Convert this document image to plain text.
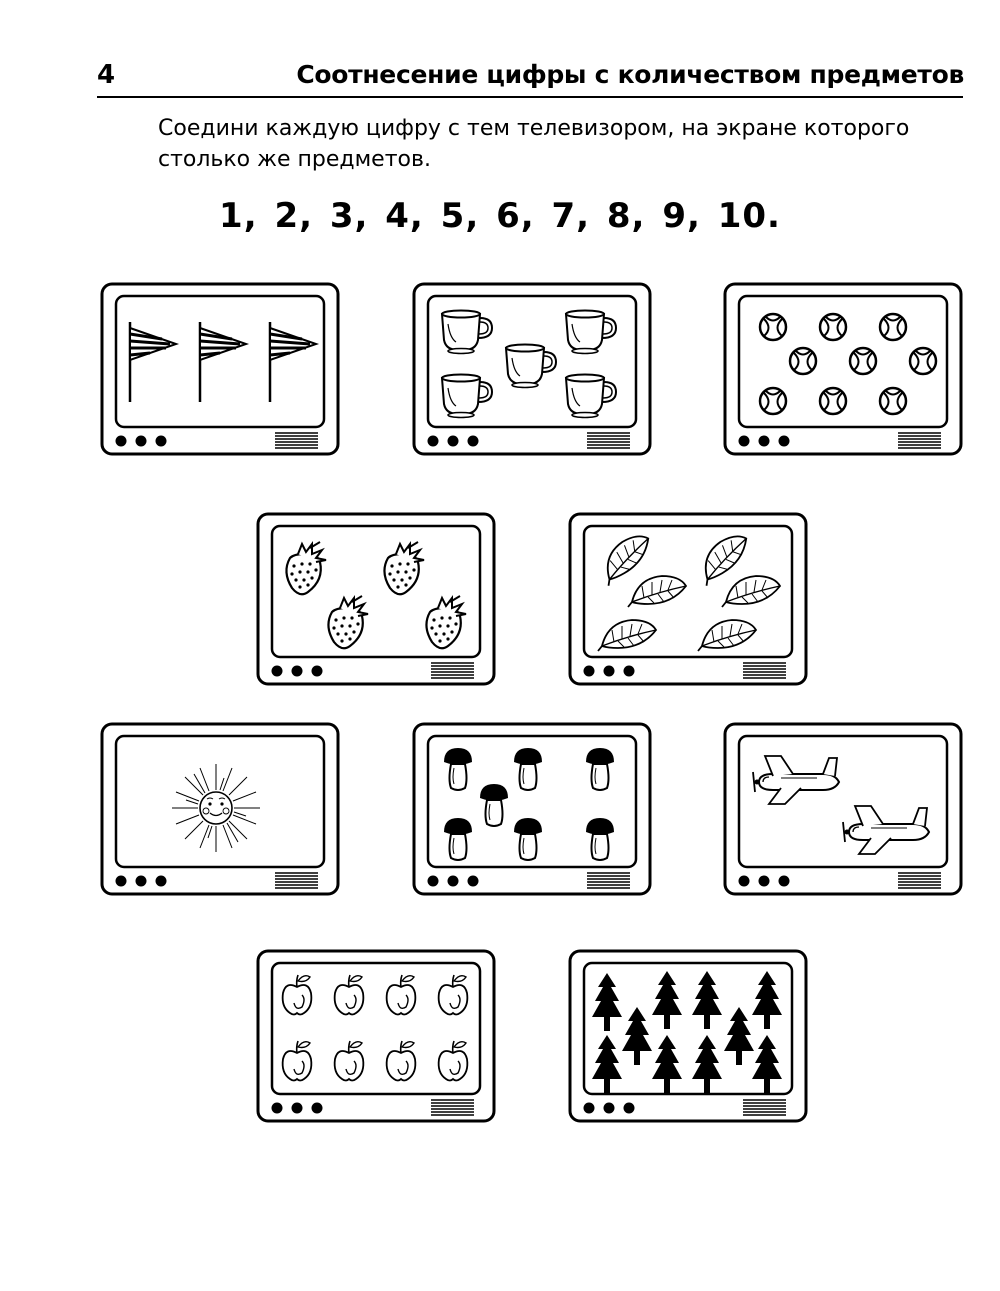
4	Соотнесение цифры с количеством предметов

Соедини каждую цифру с тем телевизором, на экране которого столько же предметов.

1, 2, 3, 4, 5, 6, 7, 8, 9, 10.
